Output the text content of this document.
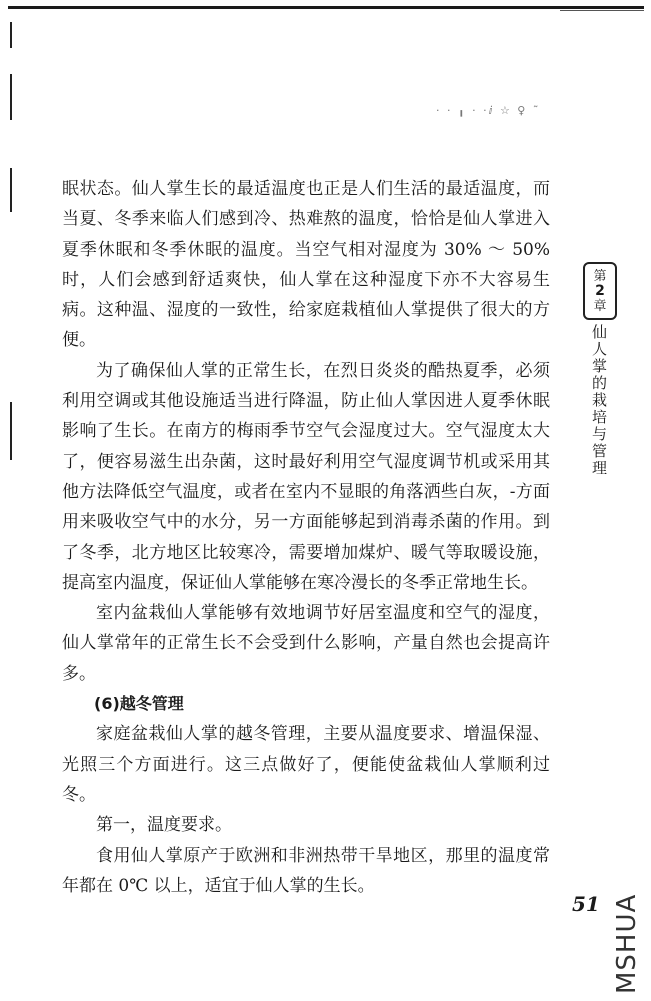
· · ╻ · ·ⅈ ☆ ♀ ˜

眠状态。仙人掌生长的最适温度也正是人们生活的最适温度，而当夏、冬季来临人们感到冷、热难熬的温度，恰恰是仙人掌进入夏季休眠和冬季休眠的温度。当空气相对湿度为 30% ～ 50%时，人们会感到舒适爽快，仙人掌在这种湿度下亦不大容易生病。这种温、湿度的一致性，给家庭栽植仙人掌提供了很大的方便。

为了确保仙人掌的正常生长，在烈日炎炎的酷热夏季，必须利用空调或其他设施适当进行降温，防止仙人掌因进人夏季休眠影响了生长。在南方的梅雨季节空气会湿度过大。空气湿度太大了，便容易滋生出杂菌，这时最好利用空气湿度调节机或采用其他方法降低空气温度，或者在室内不显眼的角落洒些白灰，-方面用来吸收空气中的水分，另一方面能够起到消毒杀菌的作用。到了冬季，北方地区比较寒冷，需要增加煤炉、暖气等取暖设施，提高室内温度，保证仙人掌能够在寒冷漫长的冬季正常地生长。

室内盆栽仙人掌能够有效地调节好居室温度和空气的湿度，仙人掌常年的正常生长不会受到什么影响，产量自然也会提高许多。

(6)越冬管理

家庭盆栽仙人掌的越冬管理，主要从温度要求、增温保湿、光照三个方面进行。这三点做好了，便能使盆栽仙人掌顺利过冬。

第一，温度要求。

食用仙人掌原产于欧洲和非洲热带干旱地区，那里的温度常年都在 0℃ 以上，适宜于仙人掌的生长。

第
2
章
仙人掌的栽培与管理
51 MSHUA
